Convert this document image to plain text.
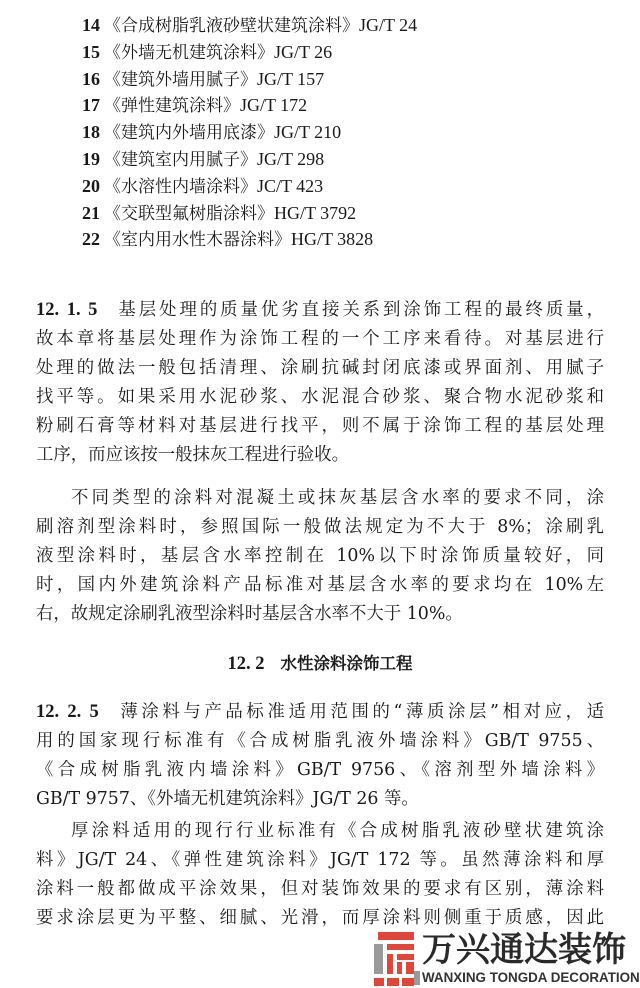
14 《合成树脂乳液砂壁状建筑涂料》JG/T 24
15 《外墙无机建筑涂料》JG/T 26
16 《建筑外墙用腻子》JG/T 157
17 《弹性建筑涂料》JG/T 172
18 《建筑内外墙用底漆》JG/T 210
19 《建筑室内用腻子》JG/T 298
20 《水溶性内墙涂料》JC/T 423
21 《交联型氟树脂涂料》HG/T 3792
22 《室内用水性木器涂料》HG/T 3828
12. 1. 5 基层处理的质量优劣直接关系到涂饰工程的最终质量，
故本章将基层处理作为涂饰工程的一个工序来看待。对基层进行
处理的做法一般包括清理、涂刷抗碱封闭底漆或界面剂、用腻子
找平等。如果采用水泥砂浆、水泥混合砂浆、聚合物水泥砂浆和
粉刷石膏等材料对基层进行找平，则不属于涂饰工程的基层处理
工序，而应该按一般抹灰工程进行验收。
不同类型的涂料对混凝土或抹灰基层含水率的要求不同，涂
刷溶剂型涂料时，参照国际一般做法规定为不大于 8%；涂刷乳
液型涂料时，基层含水率控制在 10%以下时涂饰质量较好，同
时，国内外建筑涂料产品标准对基层含水率的要求均在 10%左
右，故规定涂刷乳液型涂料时基层含水率不大于 10%。
12. 2 水性涂料涂饰工程
12. 2. 5 薄涂料与产品标准适用范围的“薄质涂层”相对应，适
用的国家现行标准有《合成树脂乳液外墙涂料》GB/T 9755、
《合成树脂乳液内墙涂料》GB/T 9756、《溶剂型外墙涂料》
GB/T 9757、《外墙无机建筑涂料》JG/T 26 等。
厚涂料适用的现行行业标准有《合成树脂乳液砂壁状建筑涂
料》JG/T 24、《弹性建筑涂料》JG/T 172 等。虽然薄涂料和厚
涂料一般都做成平涂效果，但对装饰效果的要求有区别，薄涂料
要求涂层更为平整、细腻、光滑，而厚涂料则侧重于质感，因此
万兴通达装饰
WANXING TONGDA DECORATION
